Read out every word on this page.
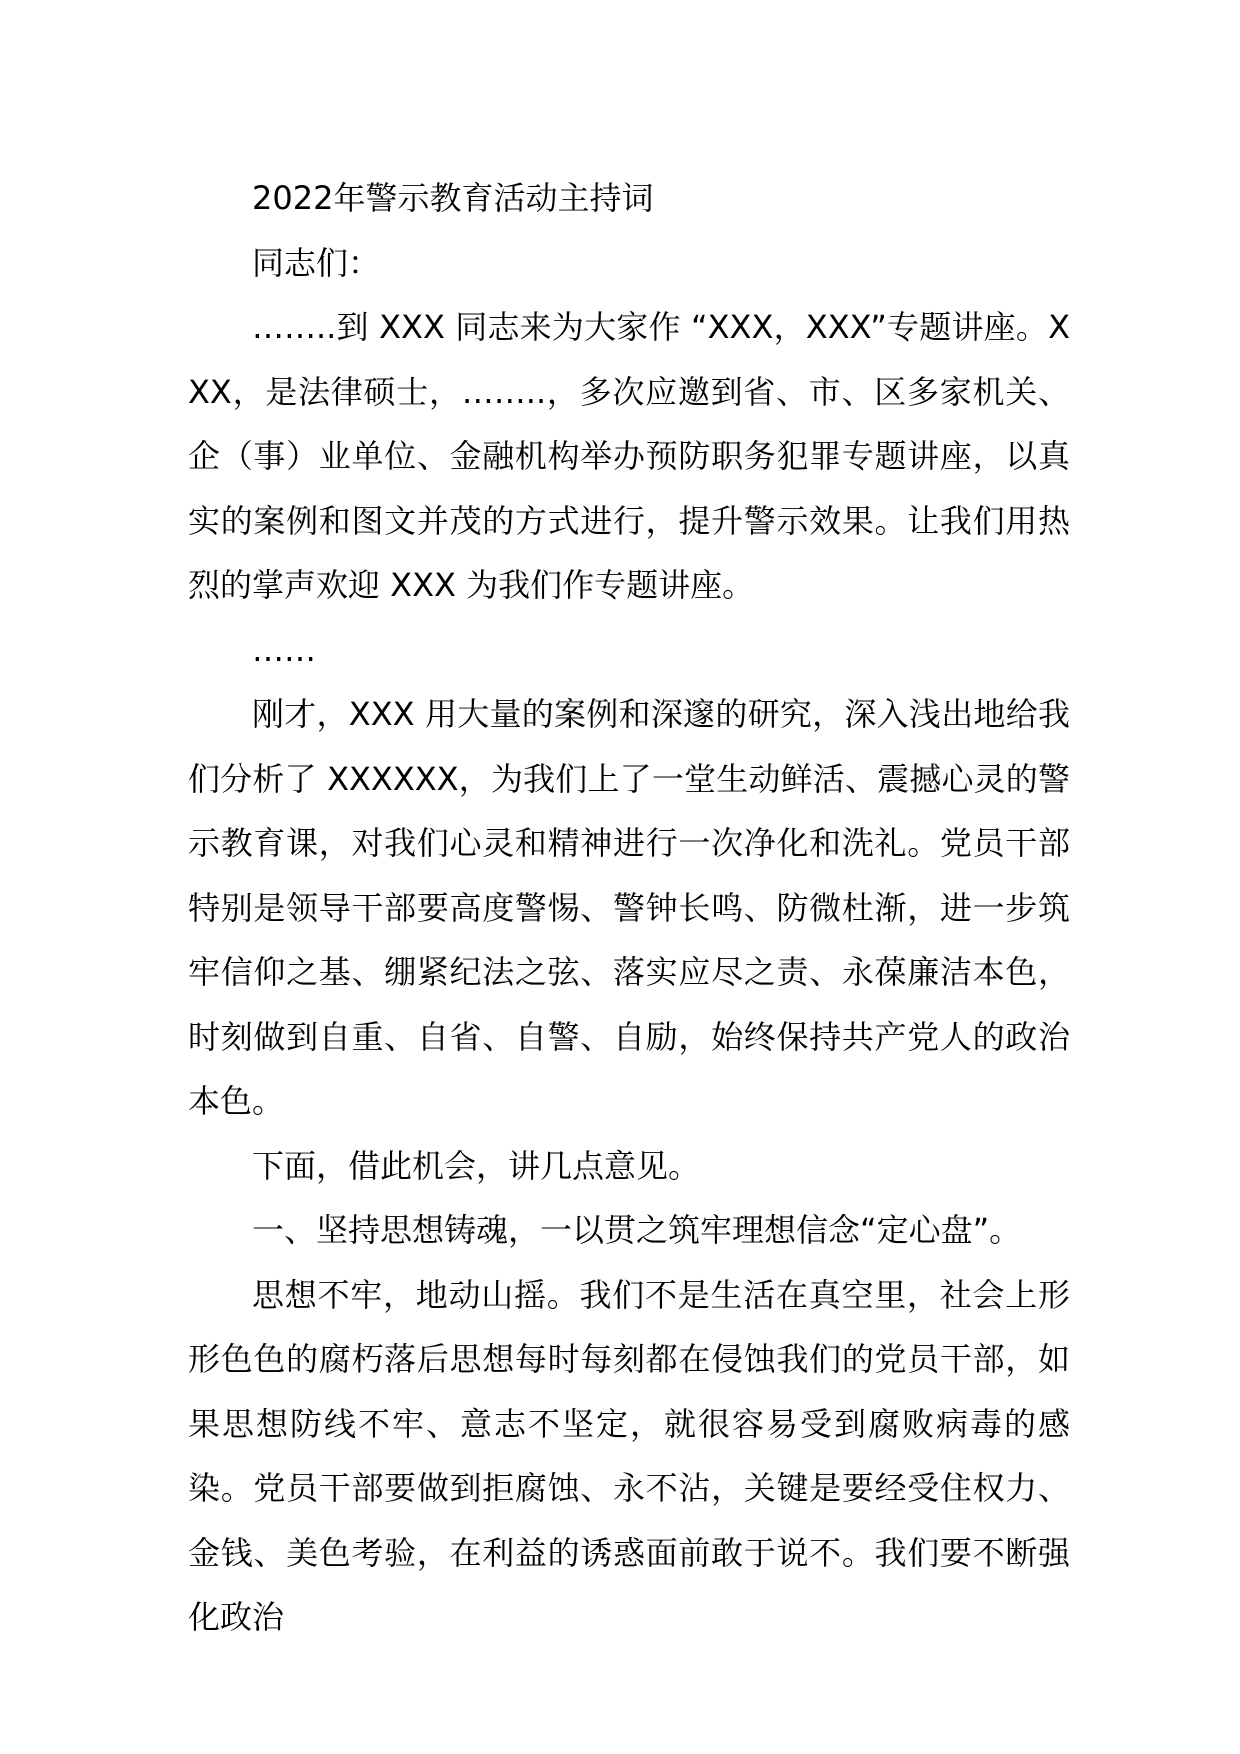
2022年警示教育活动主持词

同志们：

……..到 XXX 同志来为大家作 “XXX，XXX”专题讲座。XXX，是法律硕士，……..，多次应邀到省、市、区多家机关、企（事）业单位、金融机构举办预防职务犯罪专题讲座，以真实的案例和图文并茂的方式进行，提升警示效果。让我们用热烈的掌声欢迎 XXX 为我们作专题讲座。

……

刚才，XXX 用大量的案例和深邃的研究，深入浅出地给我们分析了 XXXXXX，为我们上了一堂生动鲜活、震撼心灵的警示教育课，对我们心灵和精神进行一次净化和洗礼。党员干部特别是领导干部要高度警惕、警钟长鸣、防微杜渐，进一步筑牢信仰之基、绷紧纪法之弦、落实应尽之责、永葆廉洁本色，时刻做到自重、自省、自警、自励，始终保持共产党人的政治本色。

下面，借此机会，讲几点意见。

一、坚持思想铸魂，一以贯之筑牢理想信念“定心盘”。

思想不牢，地动山摇。我们不是生活在真空里，社会上形形色色的腐朽落后思想每时每刻都在侵蚀我们的党员干部，如果思想防线不牢、意志不坚定，就很容易受到腐败病毒的感染。党员干部要做到拒腐蚀、永不沾，关键是要经受住权力、金钱、美色考验，在利益的诱惑面前敢于说不。我们要不断强化政治
